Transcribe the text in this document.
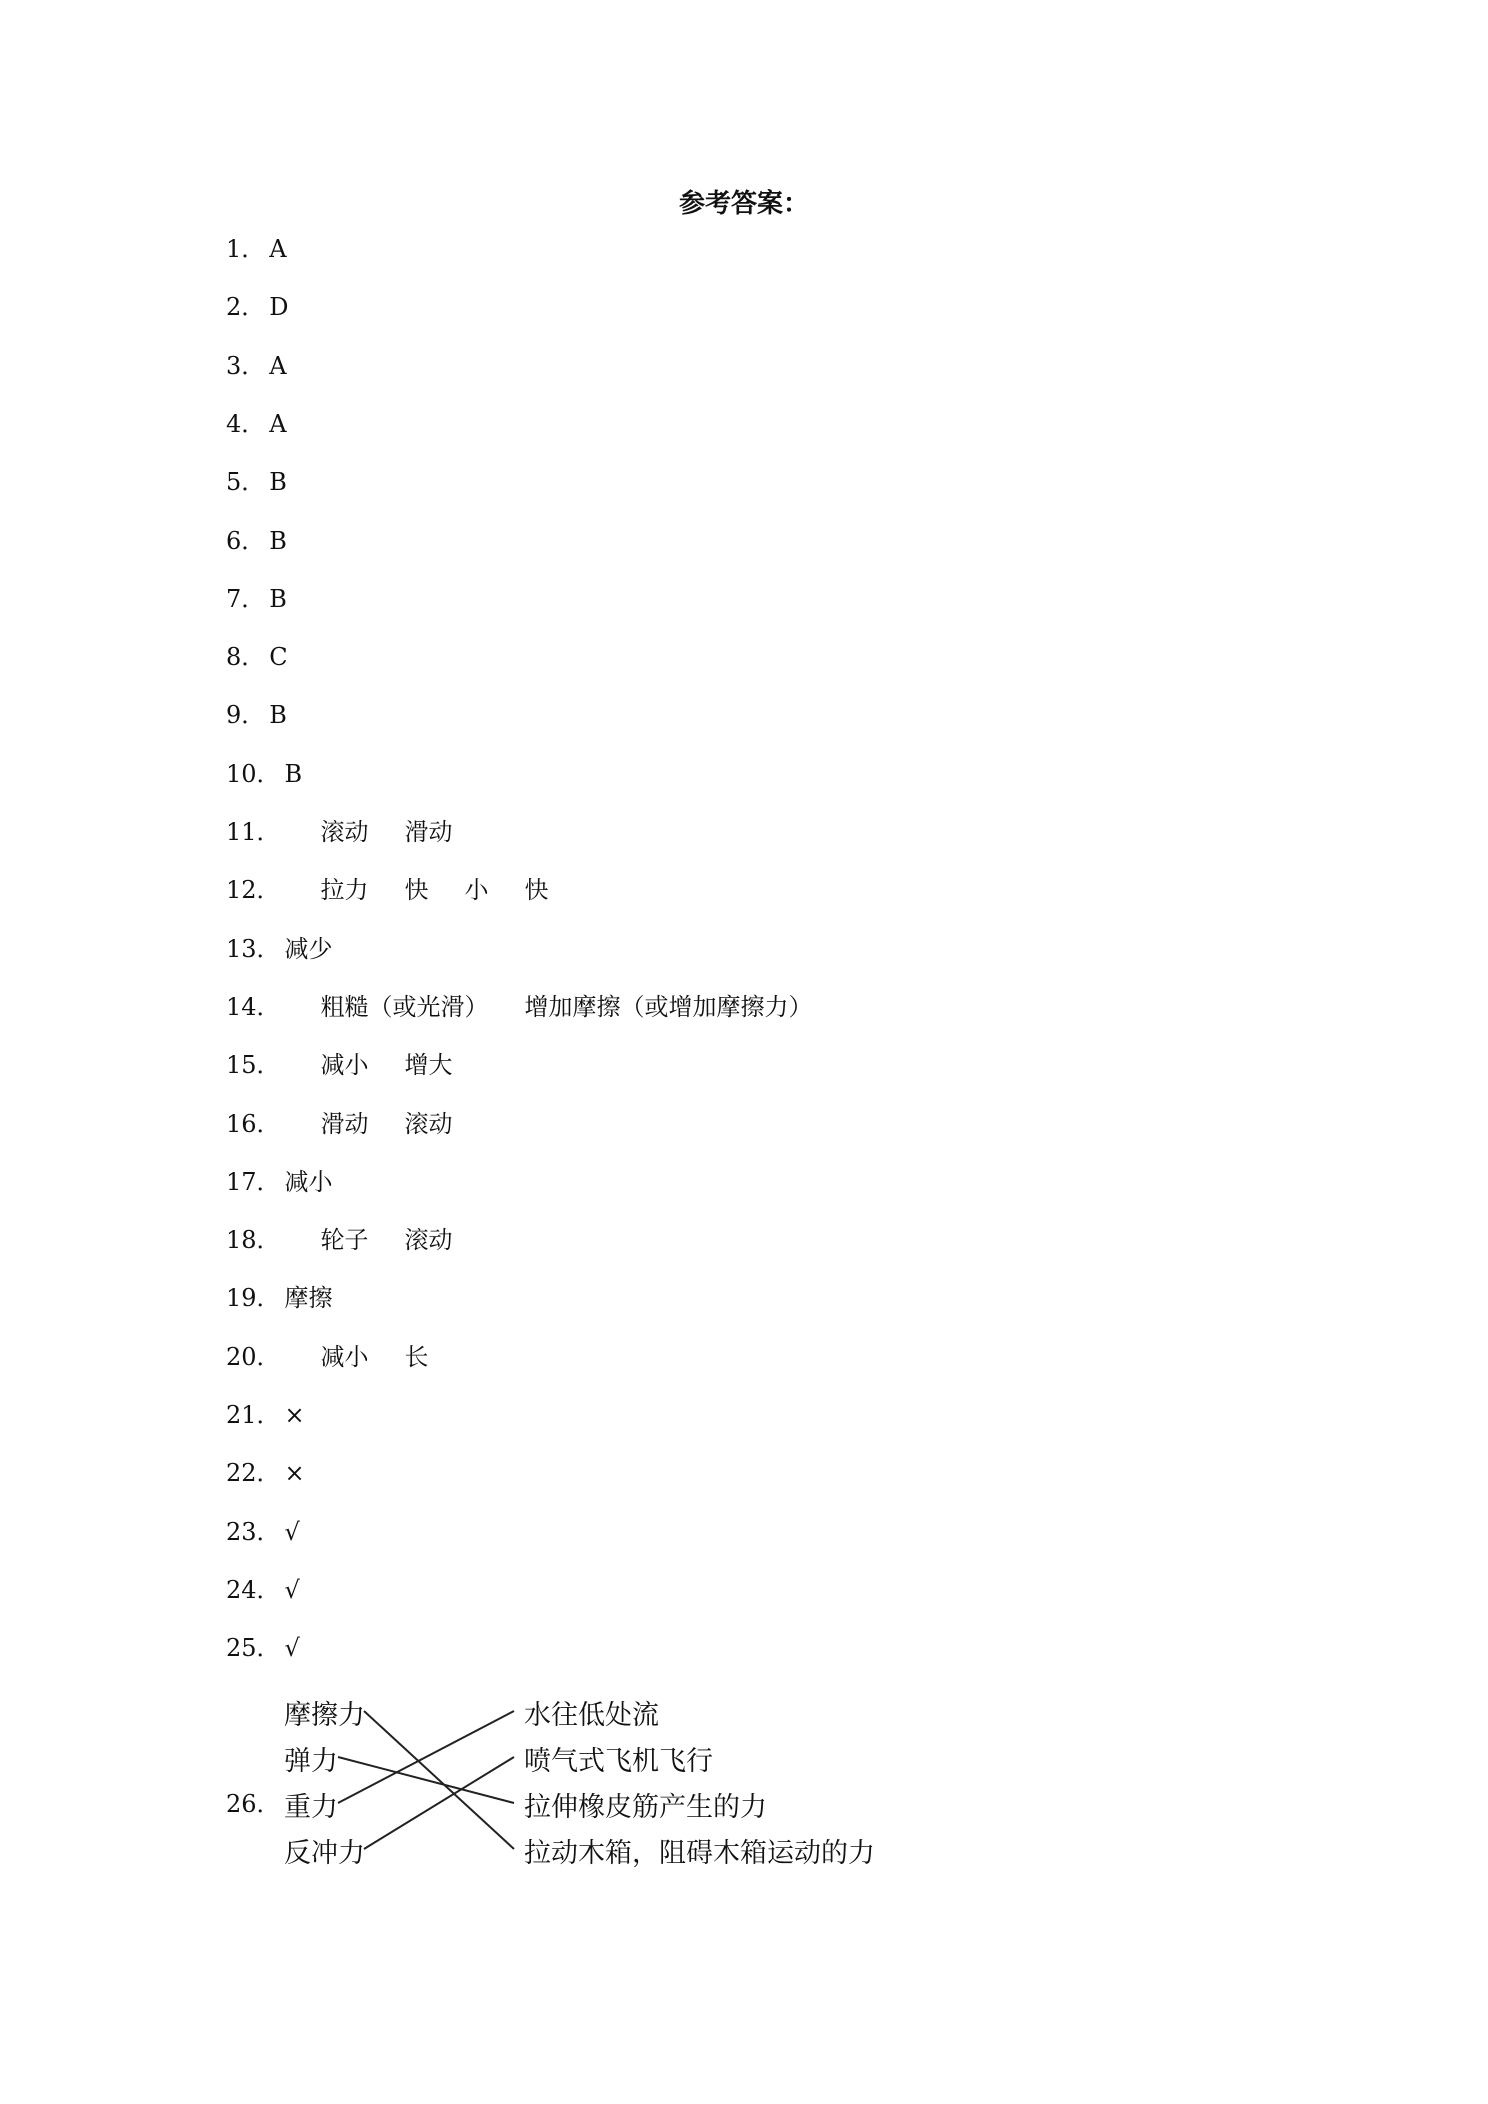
参考答案：
1． A
2． D
3． A
4． A
5． B
6． B
7． B
8． C
9． B
10． B
11． 滚动 滑动
12． 拉力 快 小 快
13． 减少
14． 粗糙（或光滑） 增加摩擦（或增加摩擦力）
15． 减小 增大
16． 滑动 滚动
17． 减小
18． 轮子 滚动
19． 摩擦
20． 减小 长
21． ×
22． ×
23． √
24． √
25． √
26．
摩擦力
弹力
重力
反冲力
水往低处流
喷气式飞机飞行
拉伸橡皮筋产生的力
拉动木箱，阻碍木箱运动的力
